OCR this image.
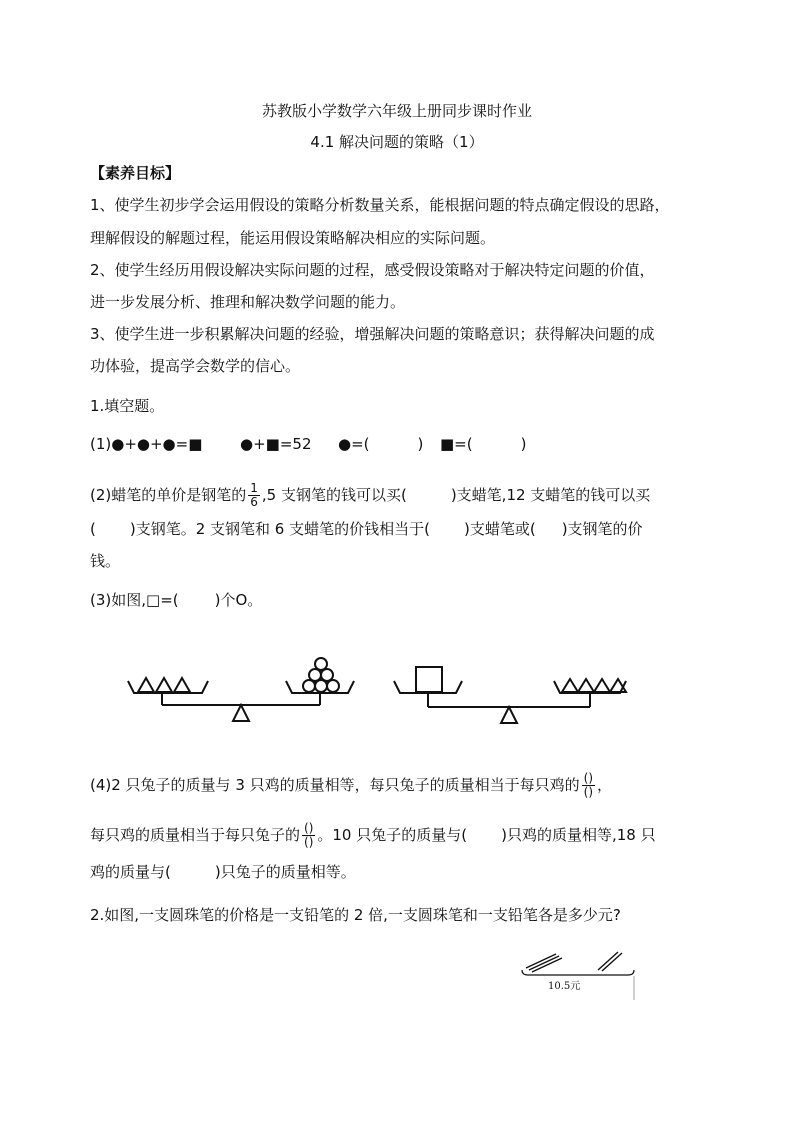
苏教版小学数学六年级上册同步课时作业
4.1 解决问题的策略（1）
【素养目标】
1、使学生初步学会运用假设的策略分析数量关系，能根据问题的特点确定假设的思路，
理解假设的解题过程，能运用假设策略解决相应的实际问题。
2、使学生经历用假设解决实际问题的过程，感受假设策略对于解决特定问题的价值，
进一步发展分析、推理和解决数学问题的能力。
3、使学生进一步积累解决问题的经验，增强解决问题的策略意识；获得解决问题的成
功体验，提高学会数学的信心。
1.填空题。
(1)●+●+●=■	●+■=52 ●=(	) ■=(	)
(2)蜡笔的单价是钢笔的 $\frac{1}{6} ,5$ 支钢笔的钱可以买(	)支蜡笔,12 支蜡笔的钱可以买
( )支钢笔。2 支钢笔和 6 支蜡笔的价钱相当于( )支蜡笔或( )支钢笔的价
钱。
(3)如图,□=( )个O。
(4)2 只兔子的质量与 3 只鸡的质量相等，每只兔子的质量相当于每只鸡的 $\frac{()}{()}$ ，
每只鸡的质量相当于每只兔子的 $\frac{()}{()}$ 。10 只兔子的质量与( )只鸡的质量相等,18 只
鸡的质量与(	)只兔子的质量相等。
2.如图,一支圆珠笔的价格是一支铅笔的 2 倍,一支圆珠笔和一支铅笔各是多少元?
10.5元
